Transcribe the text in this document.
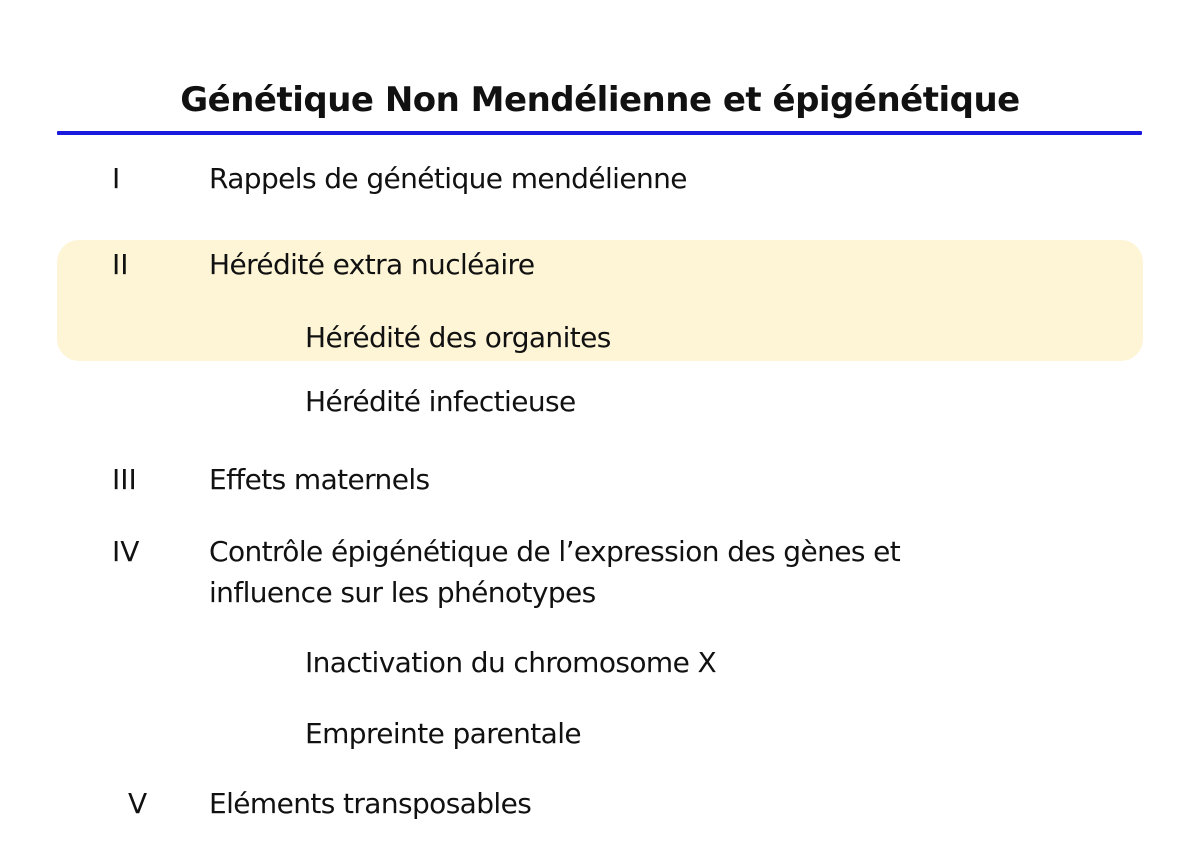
Génétique Non Mendélienne et épigénétique
I	Rappels de génétique mendélienne
II	Hérédité extra nucléaire
Hérédité des organites
Hérédité infectieuse
III	Effets maternels
IV Contrôle épigénétique de l’expression des gènes et
influence sur les phénotypes
Inactivation du chromosome X
Empreinte parentale
V Eléments transposables
